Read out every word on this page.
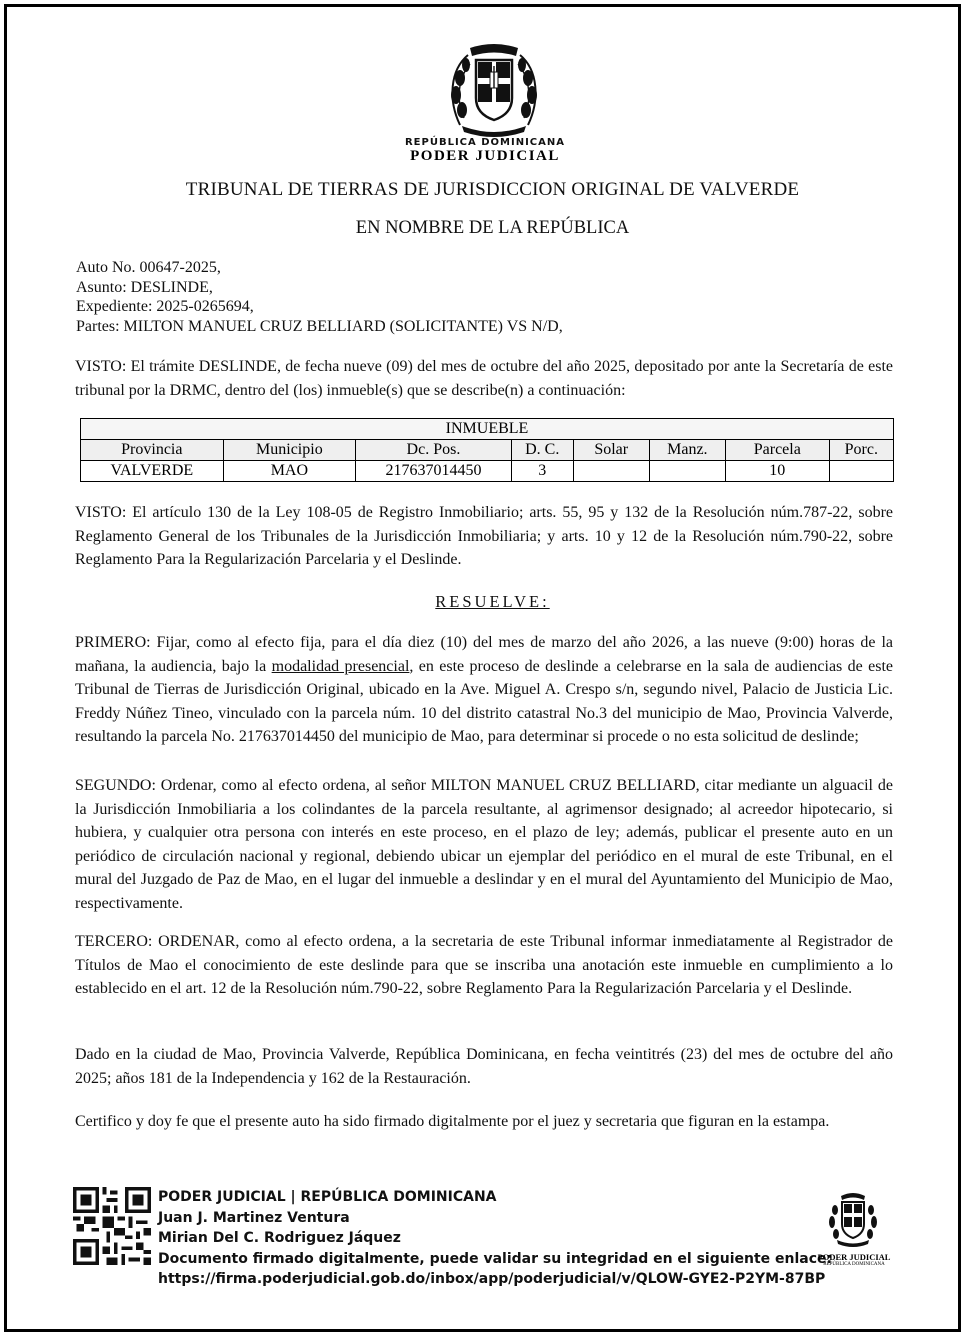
REPÚBLICA DOMINICANA
PODER JUDICIAL
TRIBUNAL DE TIERRAS DE JURISDICCION ORIGINAL DE VALVERDE
EN NOMBRE DE LA REPÚBLICA
Auto No. 00647-2025,
Asunto: DESLINDE,
Expediente: 2025-0265694,
Partes: MILTON MANUEL CRUZ BELLIARD (SOLICITANTE) VS N/D,
VISTO: El trámite DESLINDE, de fecha nueve (09) del mes de octubre del año 2025, depositado por ante la Secretaría de este tribunal por la DRMC, dentro del (los) inmueble(s) que se describe(n) a continuación:
INMUEBLE							
Provincia	Municipio	Dc. Pos.	D. C.	Solar	Manz.	Parcela	Porc.
VALVERDE	MAO	217637014450	3			10	
VISTO: El artículo 130 de la Ley 108-05 de Registro Inmobiliario; arts. 55, 95 y 132 de la Resolución núm.787-22, sobre Reglamento General de los Tribunales de la Jurisdicción Inmobiliaria; y arts. 10 y 12 de la Resolución núm.790-22, sobre Reglamento Para la Regularización Parcelaria y el Deslinde.
RESUELVE:
PRIMERO: Fijar, como al efecto fija, para el día diez (10) del mes de marzo del año 2026, a las nueve (9:00) horas de la mañana, la audiencia, bajo la modalidad presencial, en este proceso de deslinde a celebrarse en la sala de audiencias de este Tribunal de Tierras de Jurisdicción Original, ubicado en la Ave. Miguel A. Crespo s/n, segundo nivel, Palacio de Justicia Lic. Freddy Núñez Tineo, vinculado con la parcela núm. 10 del distrito catastral No.3 del municipio de Mao, Provincia Valverde, resultando la parcela No. 217637014450 del municipio de Mao, para determinar si procede o no esta solicitud de deslinde;
SEGUNDO: Ordenar, como al efecto ordena, al señor MILTON MANUEL CRUZ BELLIARD, citar mediante un alguacil de la Jurisdicción Inmobiliaria a los colindantes de la parcela resultante, al agrimensor designado; al acreedor hipotecario, si hubiera, y cualquier otra persona con interés en este proceso, en el plazo de ley; además, publicar el presente auto en un periódico de circulación nacional y regional, debiendo ubicar un ejemplar del periódico en el mural de este Tribunal, en el mural del Juzgado de Paz de Mao, en el lugar del inmueble a deslindar y en el mural del Ayuntamiento del Municipio de Mao, respectivamente.
TERCERO: ORDENAR, como al efecto ordena, a la secretaria de este Tribunal informar inmediatamente al Registrador de Títulos de Mao el conocimiento de este deslinde para que se inscriba una anotación este inmueble en cumplimiento a lo establecido en el art. 12 de la Resolución núm.790-22, sobre Reglamento Para la Regularización Parcelaria y el Deslinde.
Dado en la ciudad de Mao, Provincia Valverde, República Dominicana, en fecha veintitrés (23) del mes de octubre del año 2025; años 181 de la Independencia y 162 de la Restauración.
Certifico y doy fe que el presente auto ha sido firmado digitalmente por el juez y secretaria que figuran en la estampa.
PODER JUDICIAL | REPÚBLICA DOMINICANA
Juan J. Martinez Ventura
Mirian Del C. Rodriguez Jáquez
Documento firmado digitalmente, puede validar su integridad en el siguiente enlace:
https://firma.poderjudicial.gob.do/inbox/app/poderjudicial/v/QLOW-GYE2-P2YM-87BP
PODER JUDICIAL
REPÚBLICA DOMINICANA
